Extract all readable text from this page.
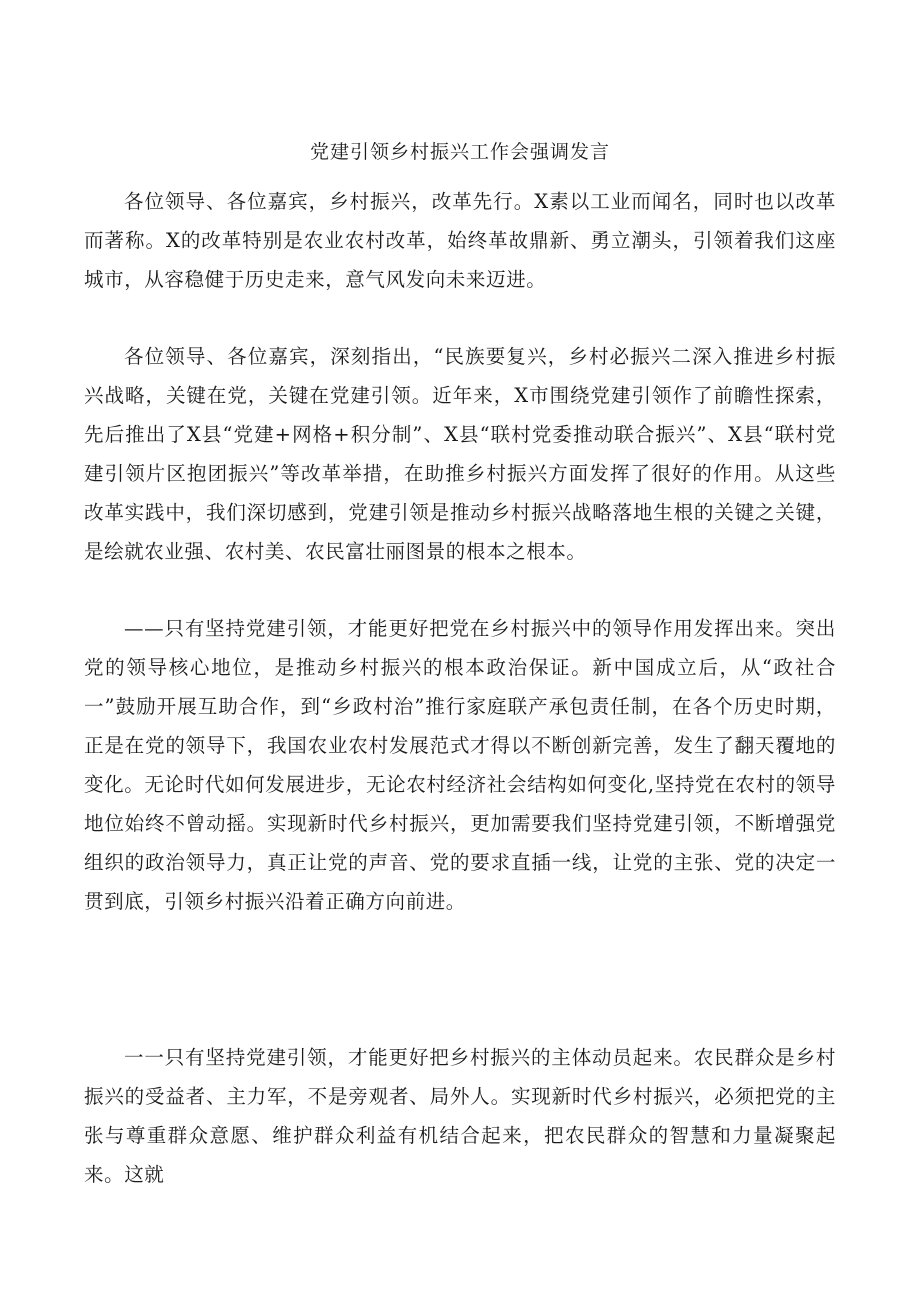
党建引领乡村振兴工作会强调发言

各位领导、各位嘉宾，乡村振兴，改革先行。X素以工业而闻名，同时也以改革而著称。X的改革特别是农业农村改革，始终革故鼎新、勇立潮头，引领着我们这座城市，从容稳健于历史走来，意气风发向未来迈进。

各位领导、各位嘉宾，深刻指出，“民族要复兴，乡村必振兴二深入推进乡村振兴战略，关键在党，关键在党建引领。近年来，X市围绕党建引领作了前瞻性探索，先后推出了X县“党建+网格+积分制”、X县“联村党委推动联合振兴”、X县“联村党建引领片区抱团振兴”等改革举措，在助推乡村振兴方面发挥了很好的作用。从这些改革实践中，我们深切感到，党建引领是推动乡村振兴战略落地生根的关键之关键，是绘就农业强、农村美、农民富壮丽图景的根本之根本。

——只有坚持党建引领，才能更好把党在乡村振兴中的领导作用发挥出来。突出党的领导核心地位，是推动乡村振兴的根本政治保证。新中国成立后，从“政社合一”鼓励开展互助合作，到“乡政村治”推行家庭联产承包责任制，在各个历史时期，正是在党的领导下，我国农业农村发展范式才得以不断创新完善，发生了翻天覆地的变化。无论时代如何发展进步，无论农村经济社会结构如何变化,坚持党在农村的领导地位始终不曾动摇。实现新时代乡村振兴，更加需要我们坚持党建引领，不断增强党组织的政治领导力，真正让党的声音、党的要求直插一线，让党的主张、党的决定一贯到底，引领乡村振兴沿着正确方向前进。

一一只有坚持党建引领，才能更好把乡村振兴的主体动员起来。农民群众是乡村振兴的受益者、主力军，不是旁观者、局外人。实现新时代乡村振兴，必须把党的主张与尊重群众意愿、维护群众利益有机结合起来，把农民群众的智慧和力量凝聚起来。这就
